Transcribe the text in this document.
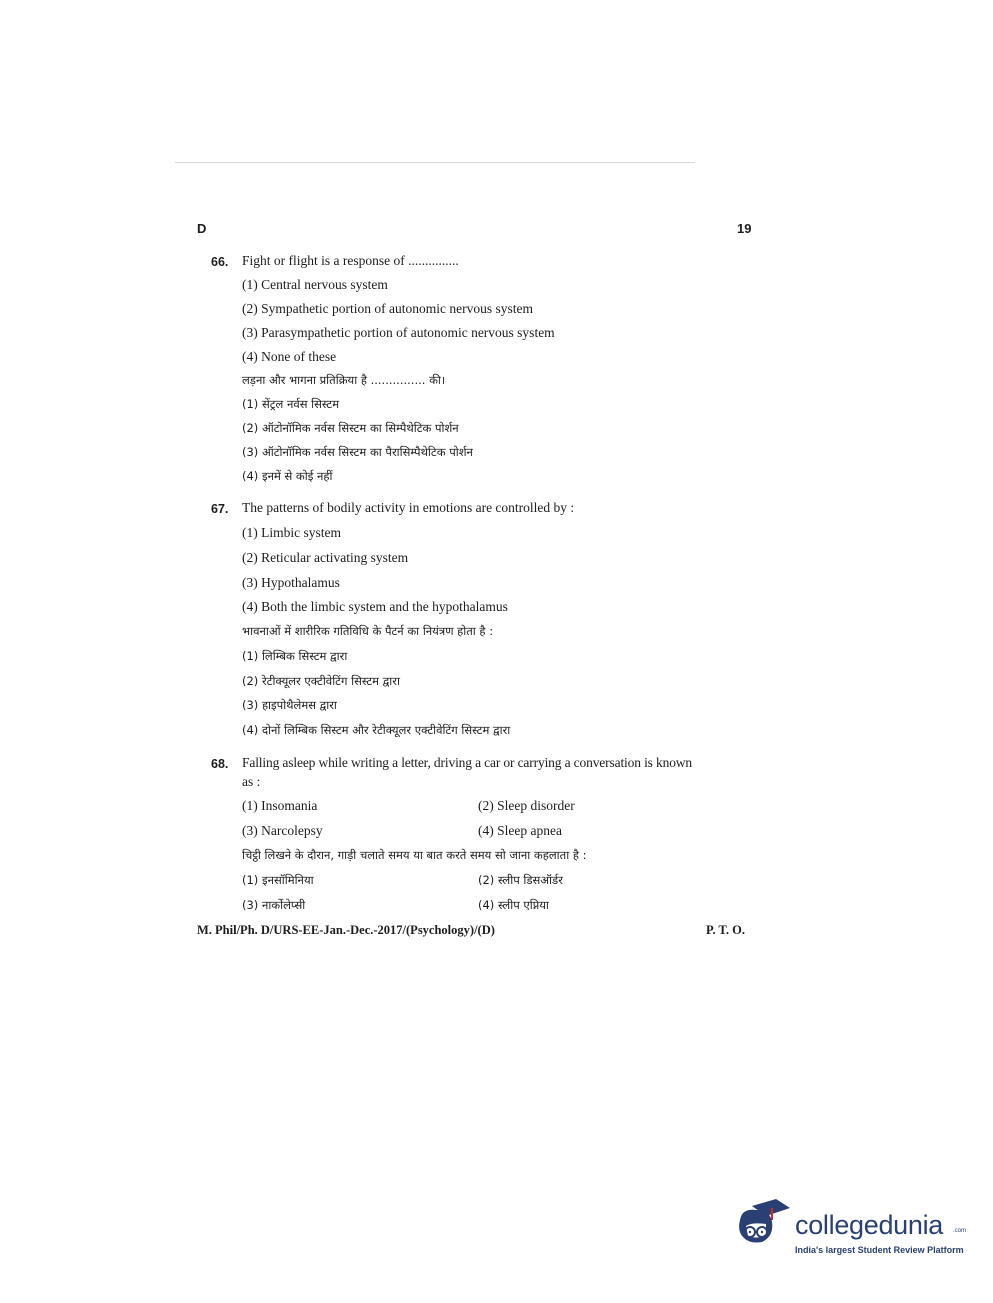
D	19
66. Fight or flight is a response of ...............
(1) Central nervous system
(2) Sympathetic portion of autonomic nervous system
(3) Parasympathetic portion of autonomic nervous system
(4) None of these
लड़ना और भागना प्रतिक्रिया है ............... की।
(1) सेंट्रल नर्वस सिस्टम
(2) ऑटोनॉमिक नर्वस सिस्टम का सिम्पैथेटिक पोर्शन
(3) ऑटोनॉमिक नर्वस सिस्टम का पैरासिम्पैथेटिक पोर्शन
(4) इनमें से कोई नहीं
67. The patterns of bodily activity in emotions are controlled by :
(1) Limbic system
(2) Reticular activating system
(3) Hypothalamus
(4) Both the limbic system and the hypothalamus
भावनाओं में शारीरिक गतिविधि के पैटर्न का नियंत्रण होता है :
(1) लिम्बिक सिस्टम द्वारा
(2) रेटीक्यूलर एक्टीवेटिंग सिस्टम द्वारा
(3) हाइपोथैलेमस द्वारा
(4) दोनों लिम्बिक सिस्टम और रेटीक्यूलर एक्टीवेटिंग सिस्टम द्वारा
68. Falling asleep while writing a letter, driving a car or carrying a conversation is known
as :
(1) Insomania	(2) Sleep disorder
(3) Narcolepsy	(4) Sleep apnea
चिट्ठी लिखने के दौरान, गाड़ी चलाते समय या बात करते समय सो जाना कहलाता है :
(1) इनसॉमिनिया	(2) स्लीप डिसऑर्डर
(3) नार्कोलेप्सी	(4) स्लीप एप्निया
M. Phil/Ph. D/URS-EE-Jan.-Dec.-2017/(Psychology)/(D)	P. T. O.
collegedunia .com
India's largest Student Review Platform
